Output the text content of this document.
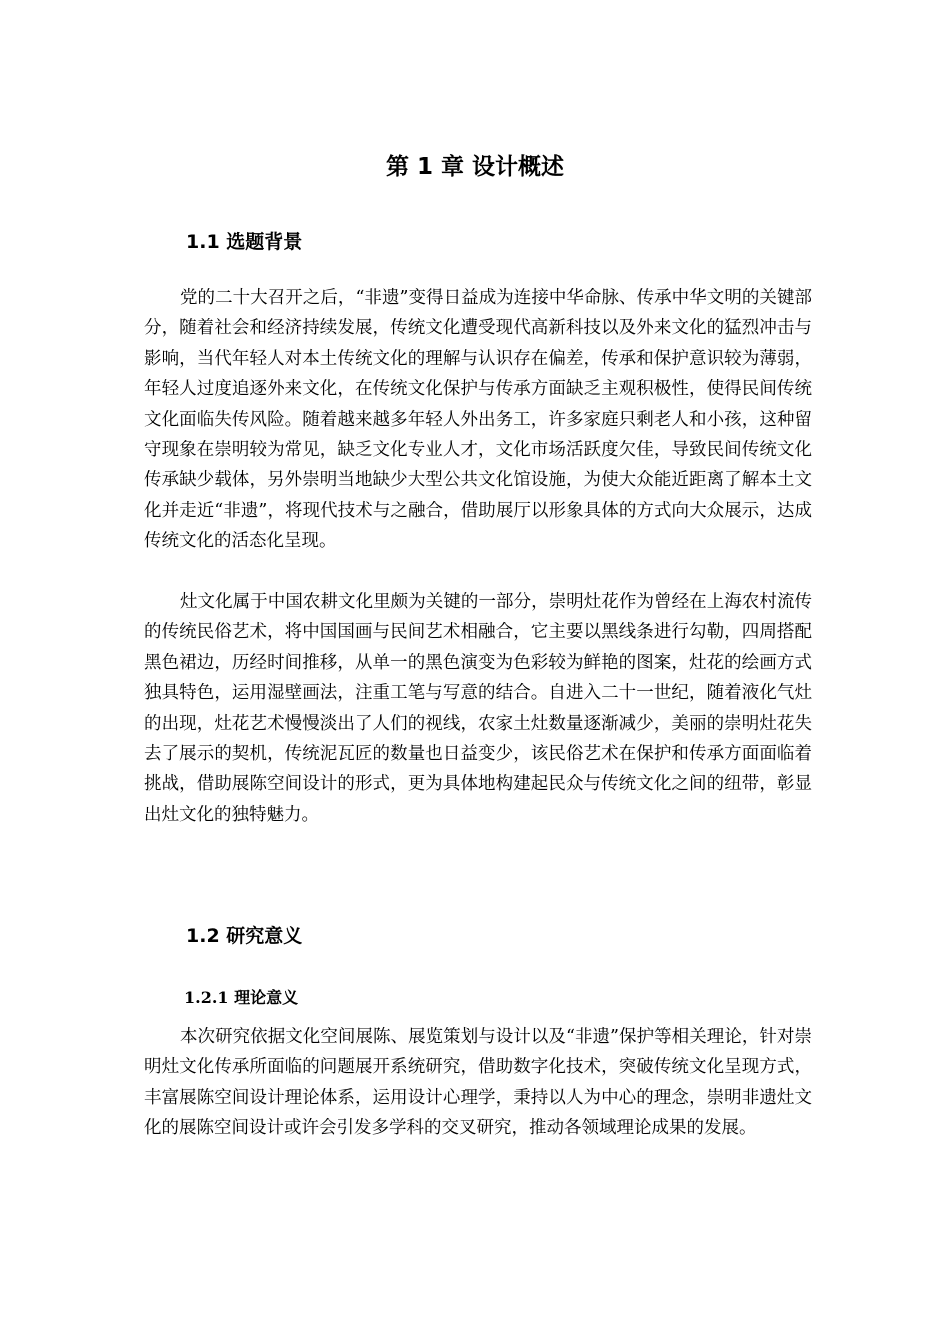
第 1 章 设计概述
1.1 选题背景

党的二十大召开之后，“非遗”变得日益成为连接中华命脉、传承中华文明的关键部分，随着社会和经济持续发展，传统文化遭受现代高新科技以及外来文化的猛烈冲击与影响，当代年轻人对本土传统文化的理解与认识存在偏差，传承和保护意识较为薄弱，年轻人过度追逐外来文化，在传统文化保护与传承方面缺乏主观积极性，使得民间传统文化面临失传风险。随着越来越多年轻人外出务工，许多家庭只剩老人和小孩，这种留守现象在崇明较为常见，缺乏文化专业人才，文化市场活跃度欠佳，导致民间传统文化传承缺少载体，另外崇明当地缺少大型公共文化馆设施，为使大众能近距离了解本土文化并走近“非遗”，将现代技术与之融合，借助展厅以形象具体的方式向大众展示，达成传统文化的活态化呈现。

灶文化属于中国农耕文化里颇为关键的一部分，崇明灶花作为曾经在上海农村流传的传统民俗艺术，将中国国画与民间艺术相融合，它主要以黑线条进行勾勒，四周搭配黑色裙边，历经时间推移，从单一的黑色演变为色彩较为鲜艳的图案，灶花的绘画方式独具特色，运用湿壁画法，注重工笔与写意的结合。自进入二十一世纪，随着液化气灶的出现，灶花艺术慢慢淡出了人们的视线，农家土灶数量逐渐减少，美丽的崇明灶花失去了展示的契机，传统泥瓦匠的数量也日益变少，该民俗艺术在保护和传承方面面临着挑战，借助展陈空间设计的形式，更为具体地构建起民众与传统文化之间的纽带，彰显出灶文化的独特魅力。

1.2 研究意义
1.2.1 理论意义

本次研究依据文化空间展陈、展览策划与设计以及“非遗”保护等相关理论，针对崇明灶文化传承所面临的问题展开系统研究，借助数字化技术，突破传统文化呈现方式，丰富展陈空间设计理论体系，运用设计心理学，秉持以人为中心的理念，崇明非遗灶文化的展陈空间设计或许会引发多学科的交叉研究，推动各领域理论成果的发展。
